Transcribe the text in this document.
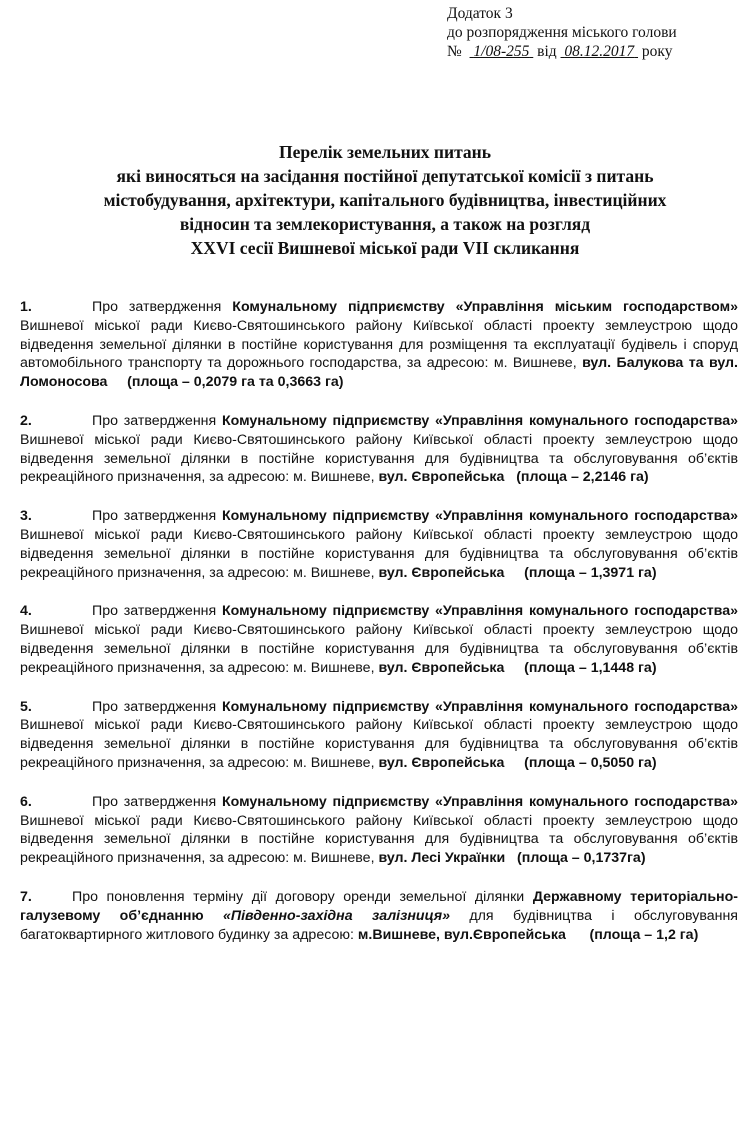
Додаток 3
до розпорядження міського голови
№ 1/08-255 від 08.12.2017 року
Перелік земельних питань
які виносяться на засідання постійної депутатської комісії з питань
містобудування, архітектури, капітального будівництва, інвестиційних
відносин та землекористування, а також на розгляд
XXVI сесії Вишневої міської ради VII скликання
1.	Про затвердження Комунальному підприємству «Управління міським господарством» Вишневої міської ради Києво-Святошинського району Київської області проекту землеустрою щодо відведення земельної ділянки в постійне користування для розміщення та експлуатації будівель і споруд автомобільного транспорту та дорожнього господарства, за адресою: м. Вишневе, вул. Балукова та вул. Ломоносова (площа – 0,2079 га та 0,3663 га)
2.	Про затвердження Комунальному підприємству «Управління комунального господарства» Вишневої міської ради Києво-Святошинського району Київської області проекту землеустрою щодо відведення земельної ділянки в постійне користування для будівництва та обслуговування об’єктів рекреаційного призначення, за адресою: м. Вишневе, вул. Європейська (площа – 2,2146 га)
3.	Про затвердження Комунальному підприємству «Управління комунального господарства» Вишневої міської ради Києво-Святошинського району Київської області проекту землеустрою щодо відведення земельної ділянки в постійне користування для будівництва та обслуговування об’єктів рекреаційного призначення, за адресою: м. Вишневе, вул. Європейська (площа – 1,3971 га)
4.	Про затвердження Комунальному підприємству «Управління комунального господарства» Вишневої міської ради Києво-Святошинського району Київської області проекту землеустрою щодо відведення земельної ділянки в постійне користування для будівництва та обслуговування об’єктів рекреаційного призначення, за адресою: м. Вишневе, вул. Європейська (площа – 1,1448 га)
5.	Про затвердження Комунальному підприємству «Управління комунального господарства» Вишневої міської ради Києво-Святошинського району Київської області проекту землеустрою щодо відведення земельної ділянки в постійне користування для будівництва та обслуговування об’єктів рекреаційного призначення, за адресою: м. Вишневе, вул. Європейська (площа – 0,5050 га)
6.	Про затвердження Комунальному підприємству «Управління комунального господарства» Вишневої міської ради Києво-Святошинського району Київської області проекту землеустрою щодо відведення земельної ділянки в постійне користування для будівництва та обслуговування об’єктів рекреаційного призначення, за адресою: м. Вишневе, вул. Лесі Українки (площа – 0,1737га)
7.	Про поновлення терміну дії договору оренди земельної ділянки Державному територіально-галузевому об’єднанню «Південно-західна залізниця» для будівництва і обслуговування багатоквартирного житлового будинку за адресою: м.Вишневе, вул.Європейська (площа – 1,2 га)
